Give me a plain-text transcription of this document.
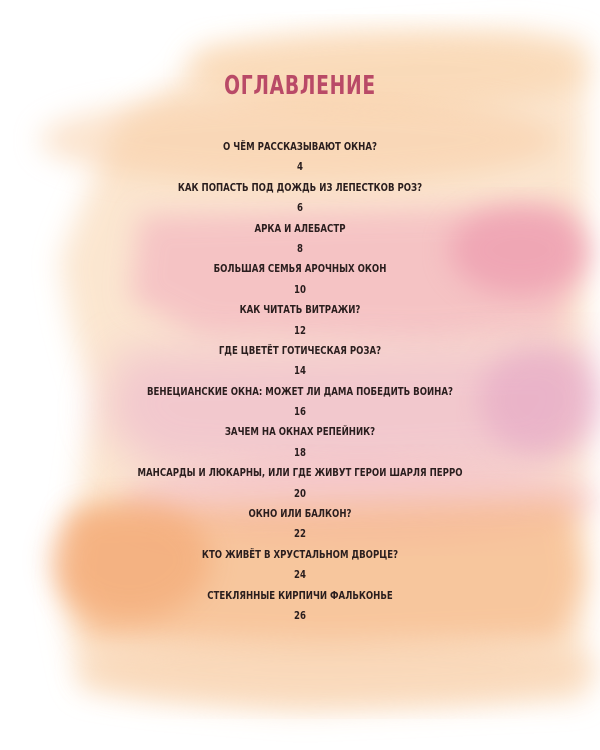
ОГЛАВЛЕНИЕ
О ЧЁМ РАССКАЗЫВАЮТ ОКНА?
4
КАК ПОПАСТЬ ПОД ДОЖДЬ ИЗ ЛЕПЕСТКОВ РОЗ?
6
АРКА И АЛЕБАСТР
8
БОЛЬШАЯ СЕМЬЯ АРОЧНЫХ ОКОН
10
КАК ЧИТАТЬ ВИТРАЖИ?
12
ГДЕ ЦВЕТЁТ ГОТИЧЕСКАЯ РОЗА?
14
ВЕНЕЦИАНСКИЕ ОКНА: МОЖЕТ ЛИ ДАМА ПОБЕДИТЬ ВОИНА?
16
ЗАЧЕМ НА ОКНАХ РЕПЕЙНИК?
18
МАНСАРДЫ И ЛЮКАРНЫ, ИЛИ ГДЕ ЖИВУТ ГЕРОИ ШАРЛЯ ПЕРРО
20
ОКНО ИЛИ БАЛКОН?
22
КТО ЖИВЁТ В ХРУСТАЛЬНОМ ДВОРЦЕ?
24
СТЕКЛЯННЫЕ КИРПИЧИ ФАЛЬКОНЬЕ
26
